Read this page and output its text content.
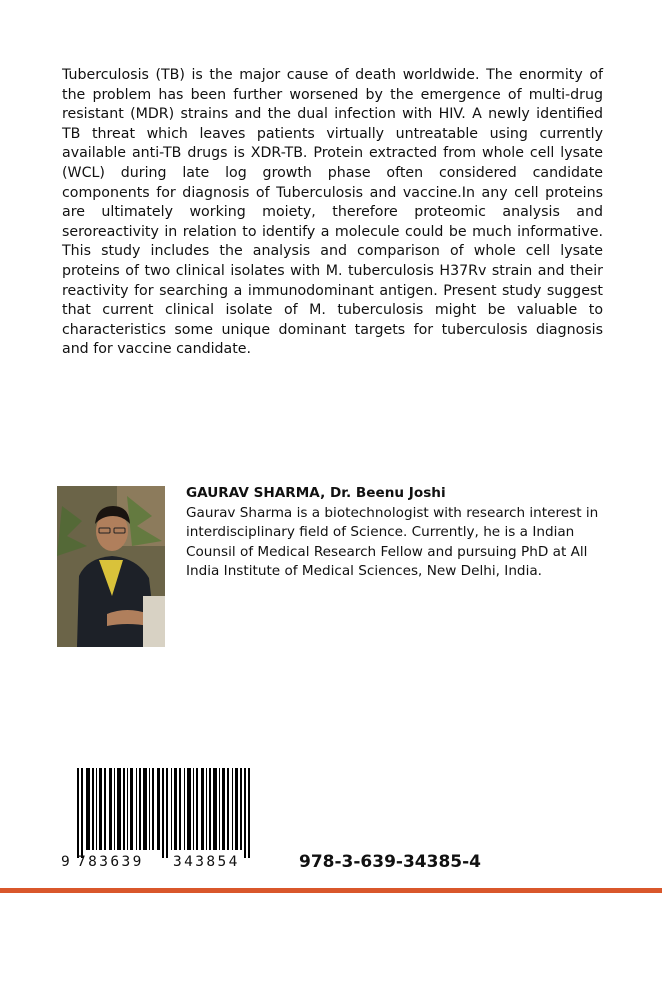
Tuberculosis (TB) is the major cause of death worldwide. The enormity of the problem has been further worsened by the emergence of multi-drug resistant (MDR) strains and the dual infection with HIV. A newly identified TB threat which leaves patients virtually untreatable using currently available anti-TB drugs is XDR-TB. Protein extracted from whole cell lysate (WCL) during late log growth phase often considered candidate components for diagnosis of Tuberculosis and vaccine.In any cell proteins are ultimately working moiety, therefore proteomic analysis and seroreactivity in relation to identify a molecule could be much informative. This study includes the analysis and comparison of whole cell lysate proteins of two clinical isolates with M. tuberculosis H37Rv strain and their reactivity for searching a immunodominant antigen. Present study suggest that current clinical isolate of M. tuberculosis might be valuable to characteristics some unique dominant targets for tuberculosis diagnosis and for vaccine candidate.

GAURAV SHARMA, Dr. Beenu Joshi

Gaurav Sharma is a biotechnologist with research interest in interdisciplinary field of Science. Currently, he is a Indian Counsil of Medical Research Fellow and pursuing PhD at All India Institute of Medical Sciences, New Delhi, India.

9 783639 343854	978-3-639-34385-4
